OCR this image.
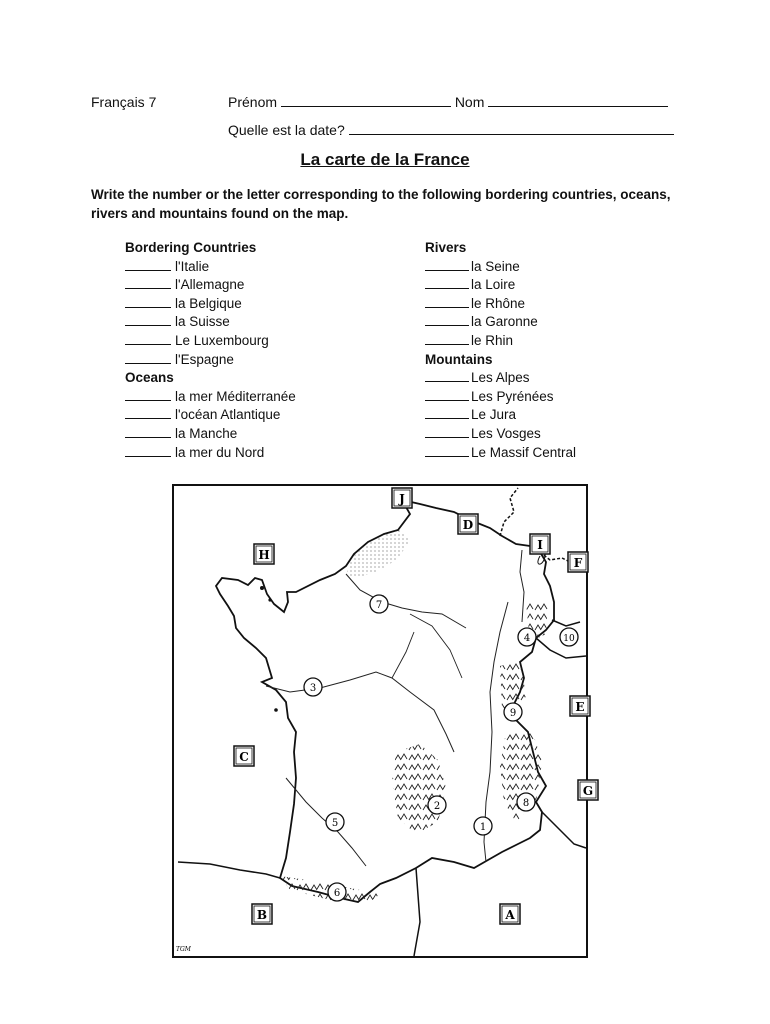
Français 7	Prénom	Nom
Quelle est la date?
La carte de la France
Write the number or the letter corresponding to the following bordering countries, oceans, rivers and mountains found on the map.
Bordering Countries
l'Italie
l'Allemagne
la Belgique
la Suisse
Le Luxembourg
l'Espagne
Oceans
la mer Méditerranée
l'océan Atlantique
la Manche
la mer du Nord
Rivers
la Seine
la Loire
le Rhône
la Garonne
le Rhin
Mountains
Les Alpes
Les Pyrénées
Le Jura
Les Vosges
Le Massif Central
J
D
I
F
H
E
C
G
B	A
7
4	10
3
9
2	8
5	1
6
TGM
